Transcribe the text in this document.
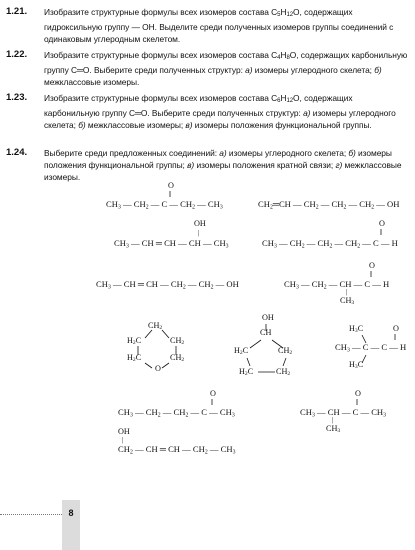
1.21.	Изобразите структурные формулы всех изомеров состава C5H12O, содержащих гидроксильную группу — OH. Выделите среди полученных изомеров группы соединений с одинаковым углеродным скелетом.
1.22.	Изобразите структурные формулы всех изомеров состава C4H8O, содержащих карбонильную группу C═O. Выберите среди полученных структур: а) изомеры углеродного скелета; б) межклассовые изомеры.
1.23.	Изобразите структурные формулы всех изомеров состава C6H12O, содержащих карбонильную группу C═O. Выберите среди полученных структур: а) изомеры углеродного скелета; б) межклассовые изомеры; в) изомеры положения функциональной группы.
1.24.	Выберите среди предложенных соединений: а) изомеры углеродного скелета; б) изомеры положения функциональной группы; в) изомеры положения кратной связи; г) межклассовые изомеры.
O
‖
$CH_3$ — $CH_2$ — C — $CH_2$ — $CH_3$	$CH_2═CH$ — $CH_2$ — $CH_2$ — $CH_2$ — OH
OH
|
$CH_3$ — CH ═ CH — CH — $CH_3$
O
‖
$CH_3$ — $CH_2$ — $CH_2$ — $CH_2$ — C — H
$CH_3$ — CH ═ CH — $CH_2$ — $CH_2$ — OH
O
‖
$CH_3$ — $CH_2$ — CH — C — H
|
$CH_3$
$CH_2$
$H_2C$	$CH_2$
$H_2C$	$CH_2$
O
OH
CH
$H_2C$	$CH_2$
$H_2C$	$CH_2$
$H_3C$	O
‖
$CH_3$ — C — C — H
$H_3C$
O
‖
$CH_3$ — $CH_2$ — $CH_2$ — C — $CH_3$
O
‖
$CH_3$ — CH — C — $CH_3$
|
$CH_3$
OH
|
$CH_2$ — CH ═ CH — $CH_2$ — $CH_3$
8
